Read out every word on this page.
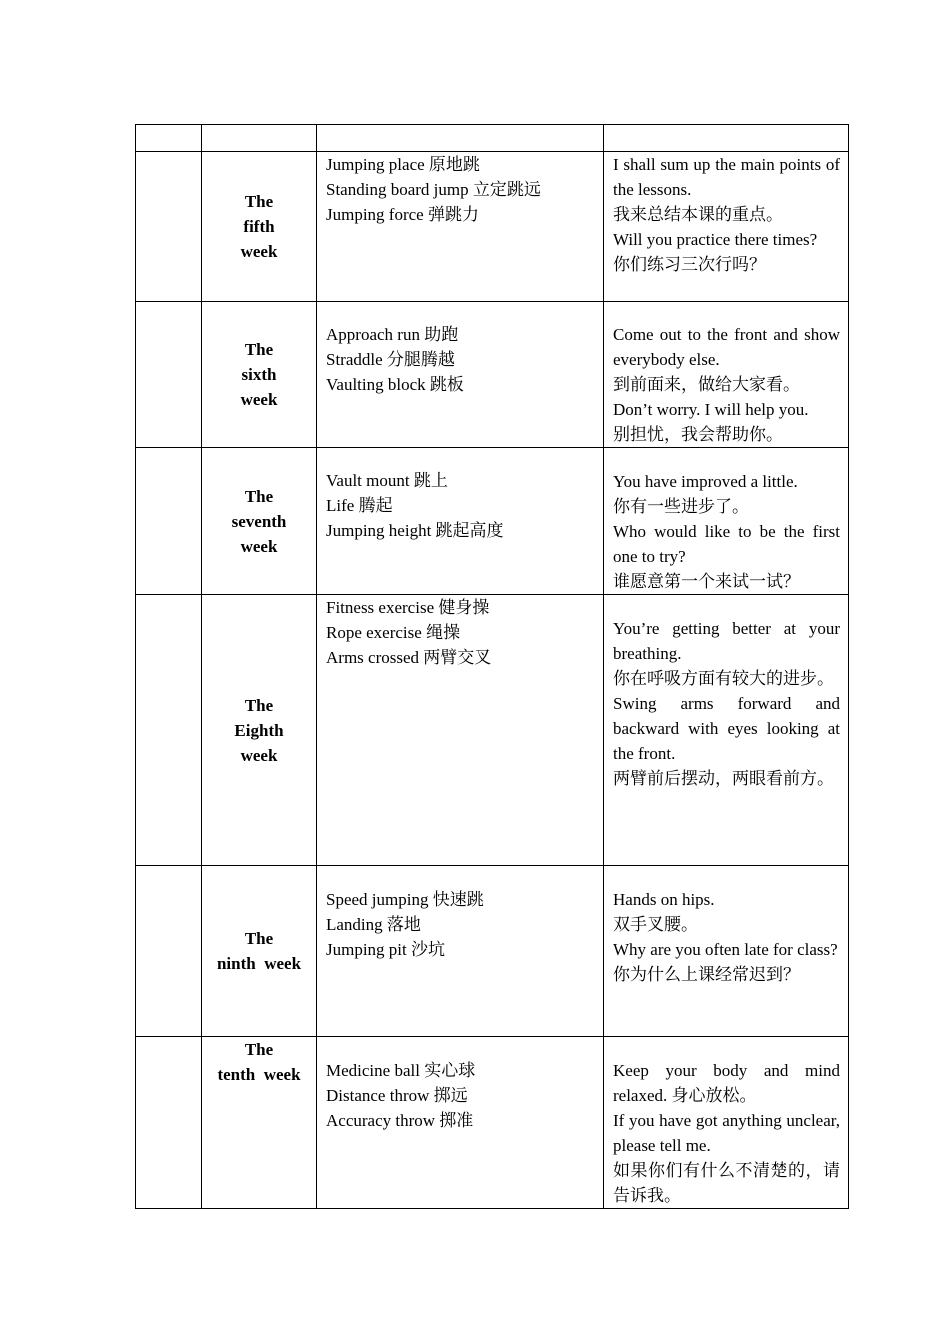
	The
fifth
week	Jumping place 原地跳
Standing board jump 立定跳远
Jumping force 弹跳力	I shall sum up the main points of the lessons.
我来总结本课的重点。
Will you practice there times?
你们练习三次行吗？

	The
sixth
week	Approach run 助跑
Straddle 分腿腾越
Vaulting block 跳板	Come out to the front and show everybody else.
到前面来，做给大家看。
Don’t worry. I will help you.
别担忧，我会帮助你。

	The
seventh
week	Vault mount 跳上
Life 腾起
Jumping height 跳起高度	You have improved a little.
你有一些进步了。
Who would like to be the first one to try?
谁愿意第一个来试一试？

	The
Eighth
week	Fitness exercise 健身操
Rope exercise 绳操
Arms crossed 两臂交叉	You’re getting better at your breathing.
你在呼吸方面有较大的进步。
Swing arms forward and backward with eyes looking at the front.
两臂前后摆动，两眼看前方。

	The
ninth  week	Speed jumping 快速跳
Landing 落地
Jumping pit 沙坑	Hands on hips.
双手叉腰。
Why are you often late for class?
你为什么上课经常迟到？

	The
tenth  week	Medicine ball 实心球
Distance throw 掷远
Accuracy throw 掷准	Keep your body and mind relaxed. 身心放松。
If you have got anything unclear, please tell me.
如果你们有什么不清楚的，请告诉我。
